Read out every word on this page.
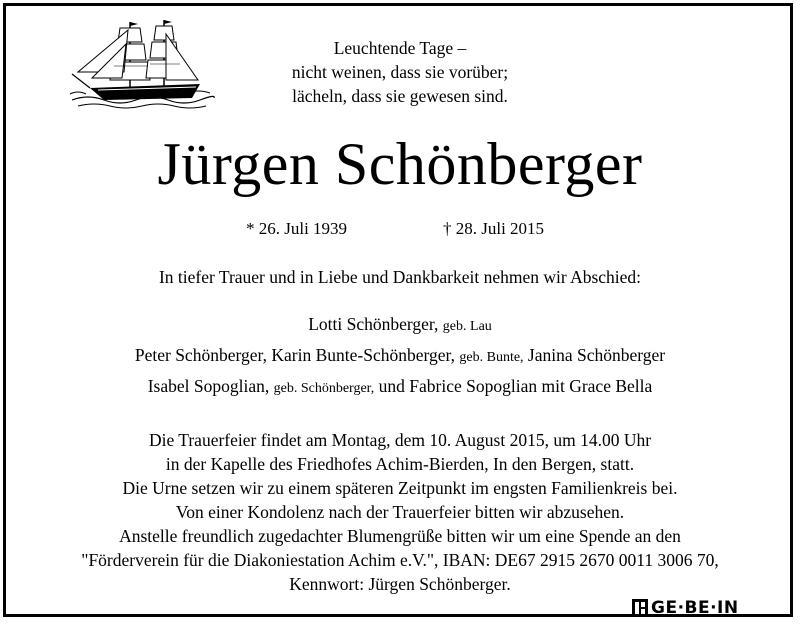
Leuchtende Tage –
nicht weinen, dass sie vorüber;
lächeln, dass sie gewesen sind.
Jürgen Schönberger
* 26. Juli 1939	† 28. Juli 2015
In tiefer Trauer und in Liebe und Dankbarkeit nehmen wir Abschied:
Lotti Schönberger, geb. Lau
Peter Schönberger, Karin Bunte-Schönberger, geb. Bunte, Janina Schönberger
Isabel Sopoglian, geb. Schönberger, und Fabrice Sopoglian mit Grace Bella
Die Trauerfeier findet am Montag, dem 10. August 2015, um 14.00 Uhr
in der Kapelle des Friedhofes Achim-Bierden, In den Bergen, statt.
Die Urne setzen wir zu einem späteren Zeitpunkt im engsten Familienkreis bei.
Von einer Kondolenz nach der Trauerfeier bitten wir abzusehen.
Anstelle freundlich zugedachter Blumengrüße bitten wir um eine Spende an den
"Förderverein für die Diakoniestation Achim e.V.", IBAN: DE67 2915 2670 0011 3006 70,
Kennwort: Jürgen Schönberger.
GE·BE·IN
